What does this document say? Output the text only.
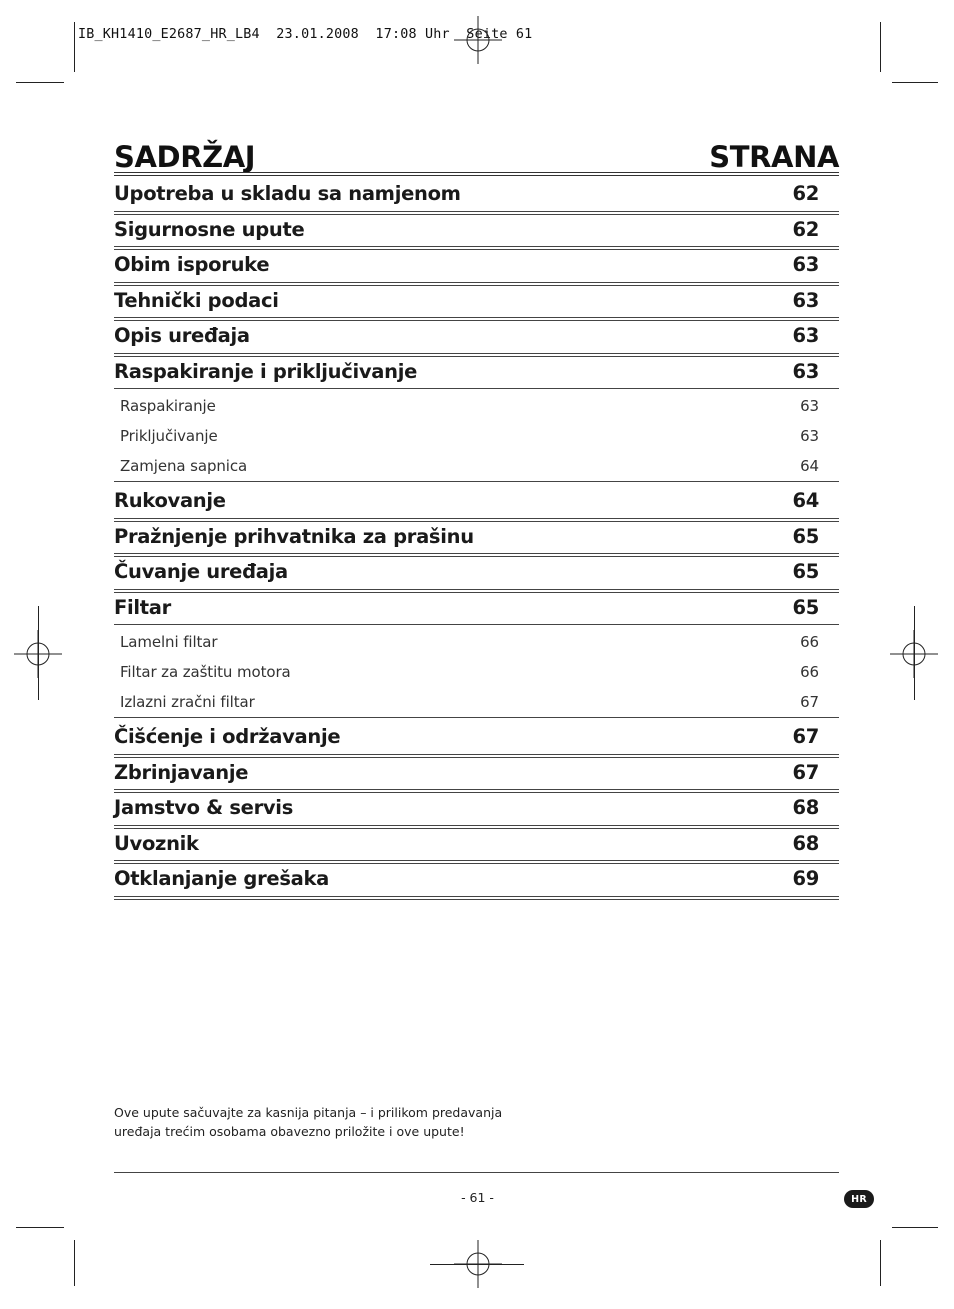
IB_KH1410_E2687_HR_LB4  23.01.2008  17:08 Uhr  Seite 61
SADRŽAJ	STRANA
Upotreba u skladu sa namjenom	62
Sigurnosne upute	62
Obim isporuke	63
Tehnički podaci	63
Opis uređaja	63
Raspakiranje i priključivanje	63
Raspakiranje	63
Priključivanje	63
Zamjena sapnica	64
Rukovanje	64
Pražnjenje prihvatnika za prašinu	65
Čuvanje uređaja	65
Filtar	65
Lamelni filtar	66
Filtar za zaštitu motora	66
Izlazni zračni filtar	67
Čišćenje i održavanje	67
Zbrinjavanje	67
Jamstvo & servis	68
Uvoznik	68
Otklanjanje grešaka	69
Ove upute sačuvajte za kasnija pitanja – i prilikom predavanja
uređaja trećim osobama obavezno priložite i ove upute!
- 61 -	HR
